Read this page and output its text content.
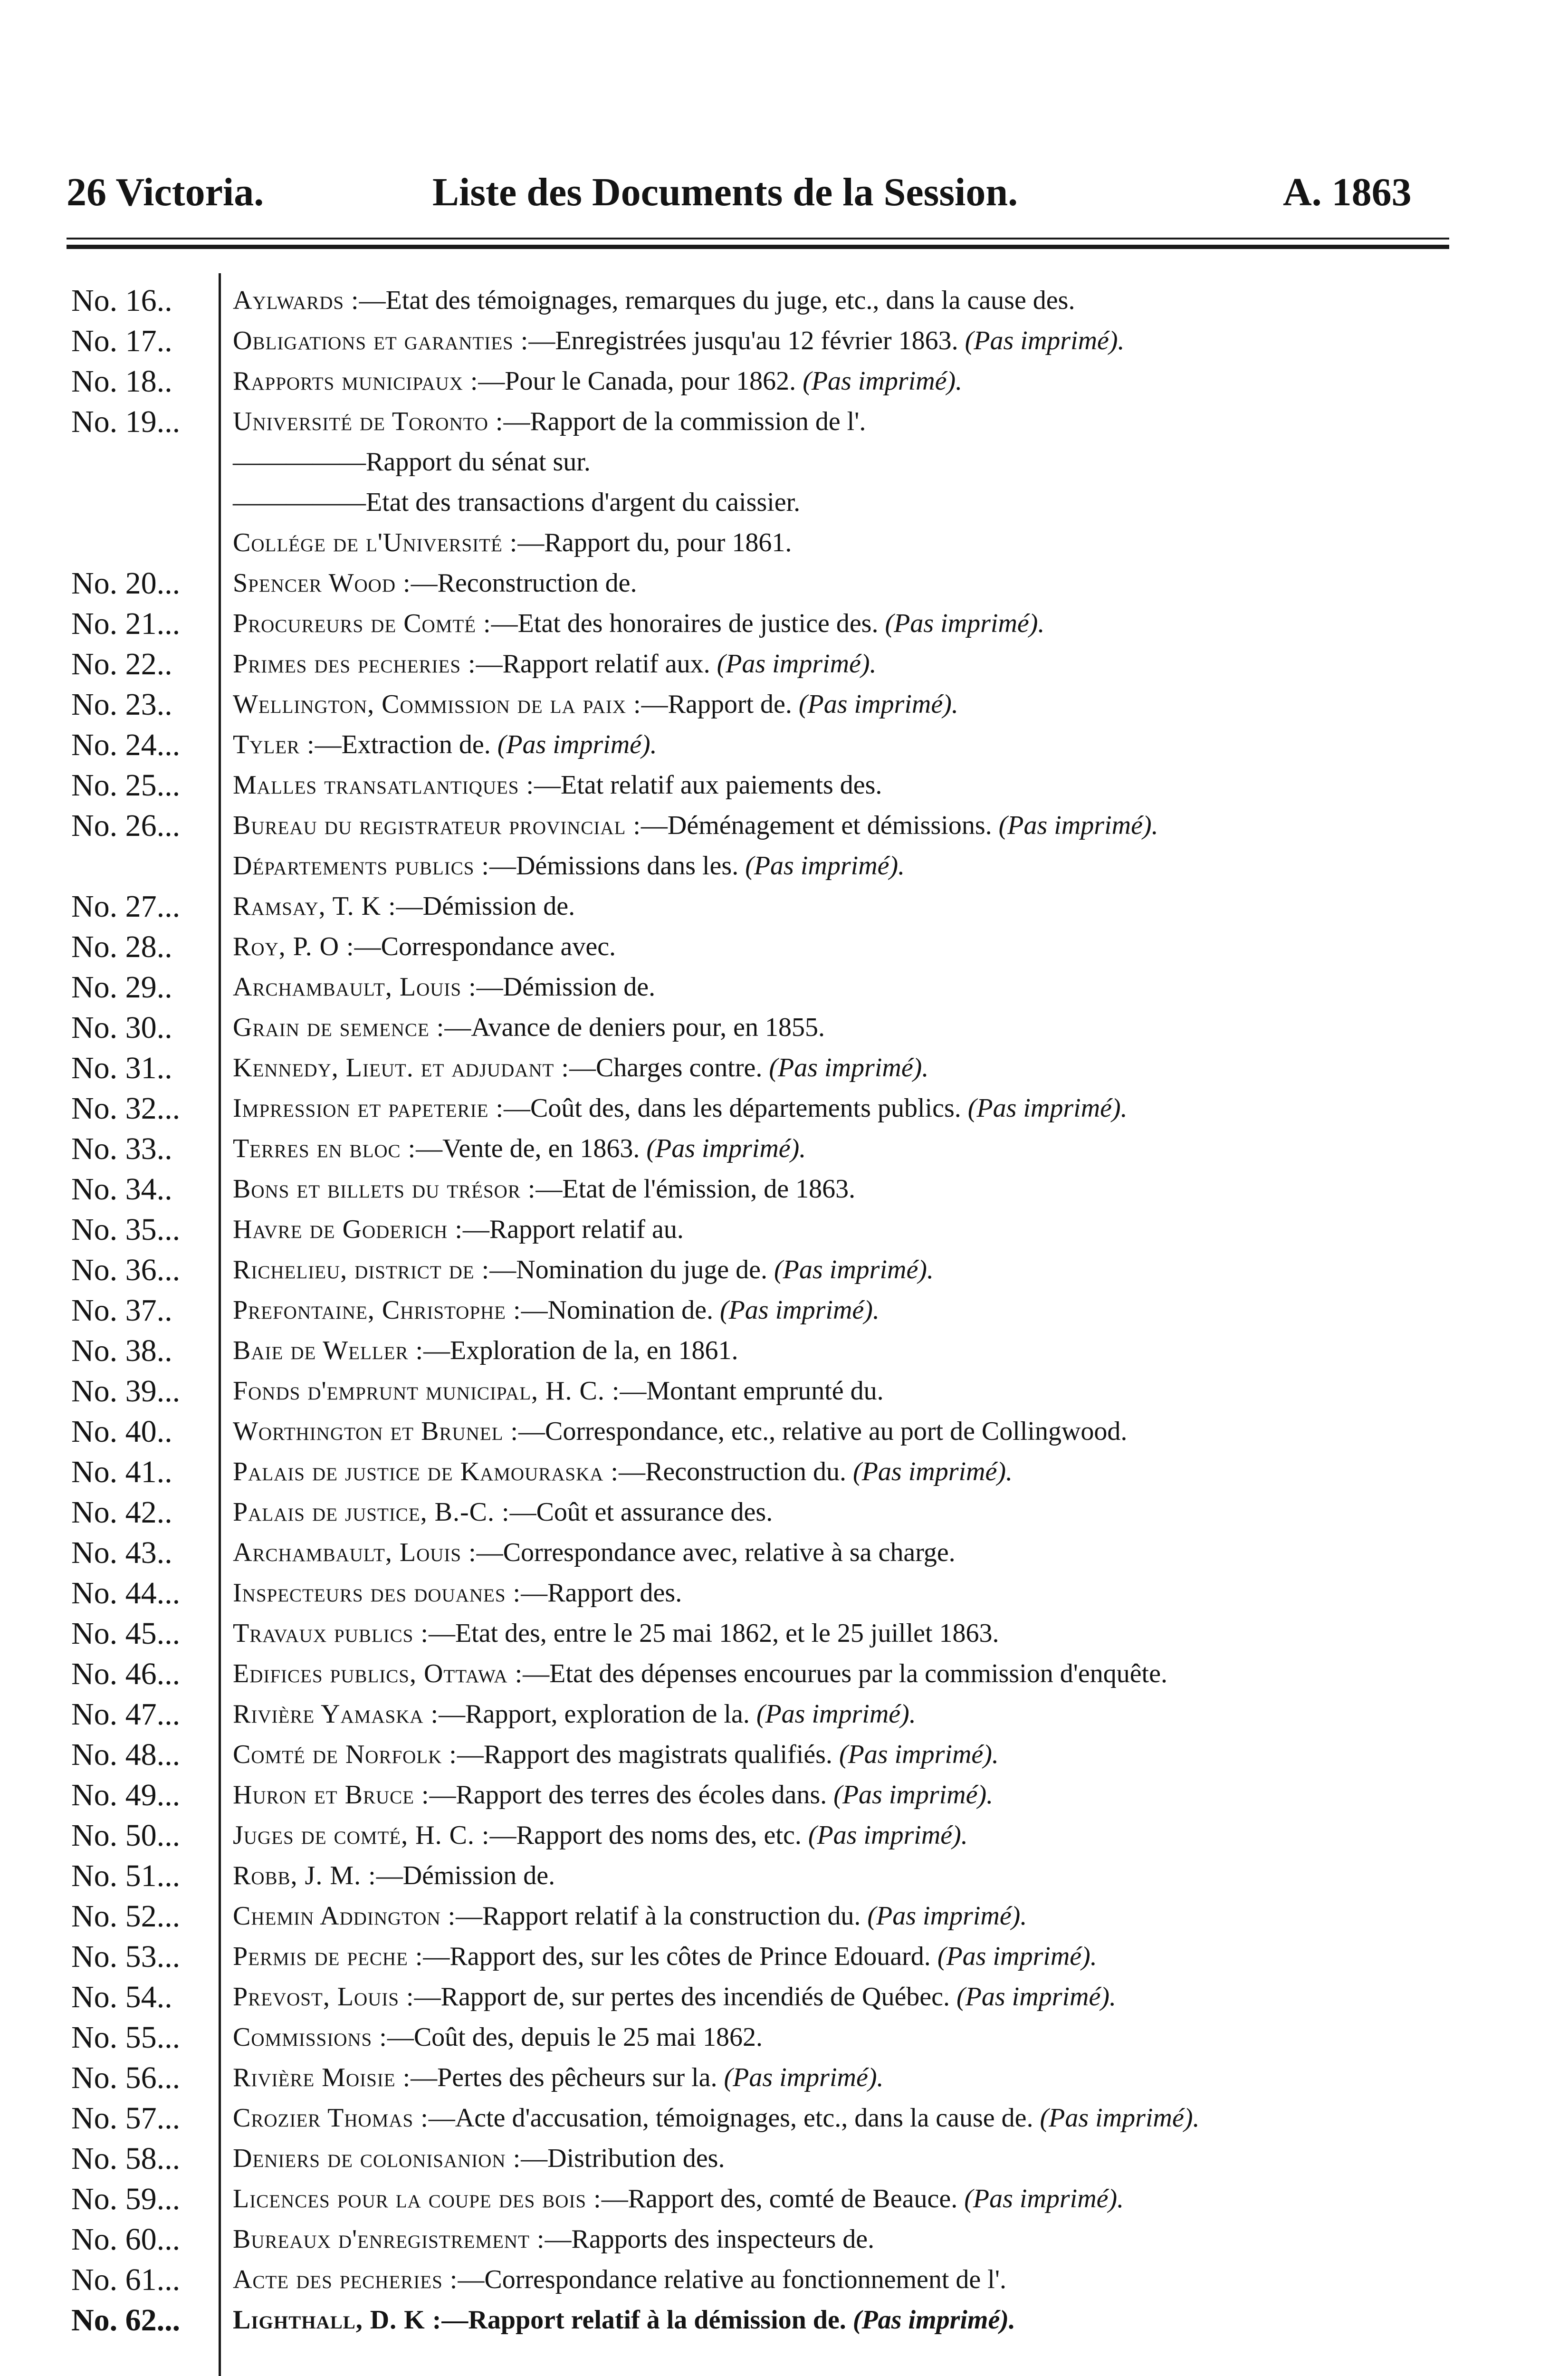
26 Victoria.	Liste des Documents de la Session.	A. 1863
No. 16..	Aylwards :—Etat des témoignages, remarques du juge, etc., dans la cause des.
No. 17..	Obligations et garanties :—Enregistrées jusqu'au 12 février 1863. (Pas imprimé).
No. 18..	Rapports municipaux :—Pour le Canada, pour 1862. (Pas imprimé).
No. 19...	Université de Toronto :—Rapport de la commission de l'.
—————Rapport du sénat sur.
—————Etat des transactions d'argent du caissier.
Collége de l'Université :—Rapport du, pour 1861.
No. 20...	Spencer Wood :—Reconstruction de.
No. 21...	Procureurs de Comté :—Etat des honoraires de justice des. (Pas imprimé).
No. 22..	Primes des pecheries :—Rapport relatif aux. (Pas imprimé).
No. 23..	Wellington, Commission de la paix :—Rapport de. (Pas imprimé).
No. 24...	Tyler :—Extraction de. (Pas imprimé).
No. 25...	Malles transatlantiques :—Etat relatif aux paiements des.
No. 26...	Bureau du registrateur provincial :—Déménagement et démissions. (Pas imprimé).
Départements publics :—Démissions dans les. (Pas imprimé).
No. 27...	Ramsay, T. K :—Démission de.
No. 28..	Roy, P. O :—Correspondance avec.
No. 29..	Archambault, Louis :—Démission de.
No. 30..	Grain de semence :—Avance de deniers pour, en 1855.
No. 31..	Kennedy, Lieut. et adjudant :—Charges contre. (Pas imprimé).
No. 32...	Impression et papeterie :—Coût des, dans les départements publics. (Pas imprimé).
No. 33..	Terres en bloc :—Vente de, en 1863. (Pas imprimé).
No. 34..	Bons et billets du trésor :—Etat de l'émission, de 1863.
No. 35...	Havre de Goderich :—Rapport relatif au.
No. 36...	Richelieu, district de :—Nomination du juge de. (Pas imprimé).
No. 37..	Prefontaine, Christophe :—Nomination de. (Pas imprimé).
No. 38..	Baie de Weller :—Exploration de la, en 1861.
No. 39...	Fonds d'emprunt municipal, H. C. :—Montant emprunté du.
No. 40..	Worthington et Brunel :—Correspondance, etc., relative au port de Collingwood.
No. 41..	Palais de justice de Kamouraska :—Reconstruction du. (Pas imprimé).
No. 42..	Palais de justice, B.-C. :—Coût et assurance des.
No. 43..	Archambault, Louis :—Correspondance avec, relative à sa charge.
No. 44...	Inspecteurs des douanes :—Rapport des.
No. 45...	Travaux publics :—Etat des, entre le 25 mai 1862, et le 25 juillet 1863.
No. 46...	Edifices publics, Ottawa :—Etat des dépenses encourues par la commission d'enquête.
No. 47...	Rivière Yamaska :—Rapport, exploration de la. (Pas imprimé).
No. 48...	Comté de Norfolk :—Rapport des magistrats qualifiés. (Pas imprimé).
No. 49...	Huron et Bruce :—Rapport des terres des écoles dans. (Pas imprimé).
No. 50...	Juges de comté, H. C. :—Rapport des noms des, etc. (Pas imprimé).
No. 51...	Robb, J. M. :—Démission de.
No. 52...	Chemin Addington :—Rapport relatif à la construction du. (Pas imprimé).
No. 53...	Permis de peche :—Rapport des, sur les côtes de Prince Edouard. (Pas imprimé).
No. 54..	Prevost, Louis :—Rapport de, sur pertes des incendiés de Québec. (Pas imprimé).
No. 55...	Commissions :—Coût des, depuis le 25 mai 1862.
No. 56...	Rivière Moisie :—Pertes des pêcheurs sur la. (Pas imprimé).
No. 57...	Crozier Thomas :—Acte d'accusation, témoignages, etc., dans la cause de. (Pas imprimé).
No. 58...	Deniers de colonisanion :—Distribution des.
No. 59...	Licences pour la coupe des bois :—Rapport des, comté de Beauce. (Pas imprimé).
No. 60...	Bureaux d'enregistrement :—Rapports des inspecteurs de.
No. 61...	Acte des pecheries :—Correspondance relative au fonctionnement de l'.
No. 62...	Lighthall, D. K :—Rapport relatif à la démission de. (Pas imprimé).
